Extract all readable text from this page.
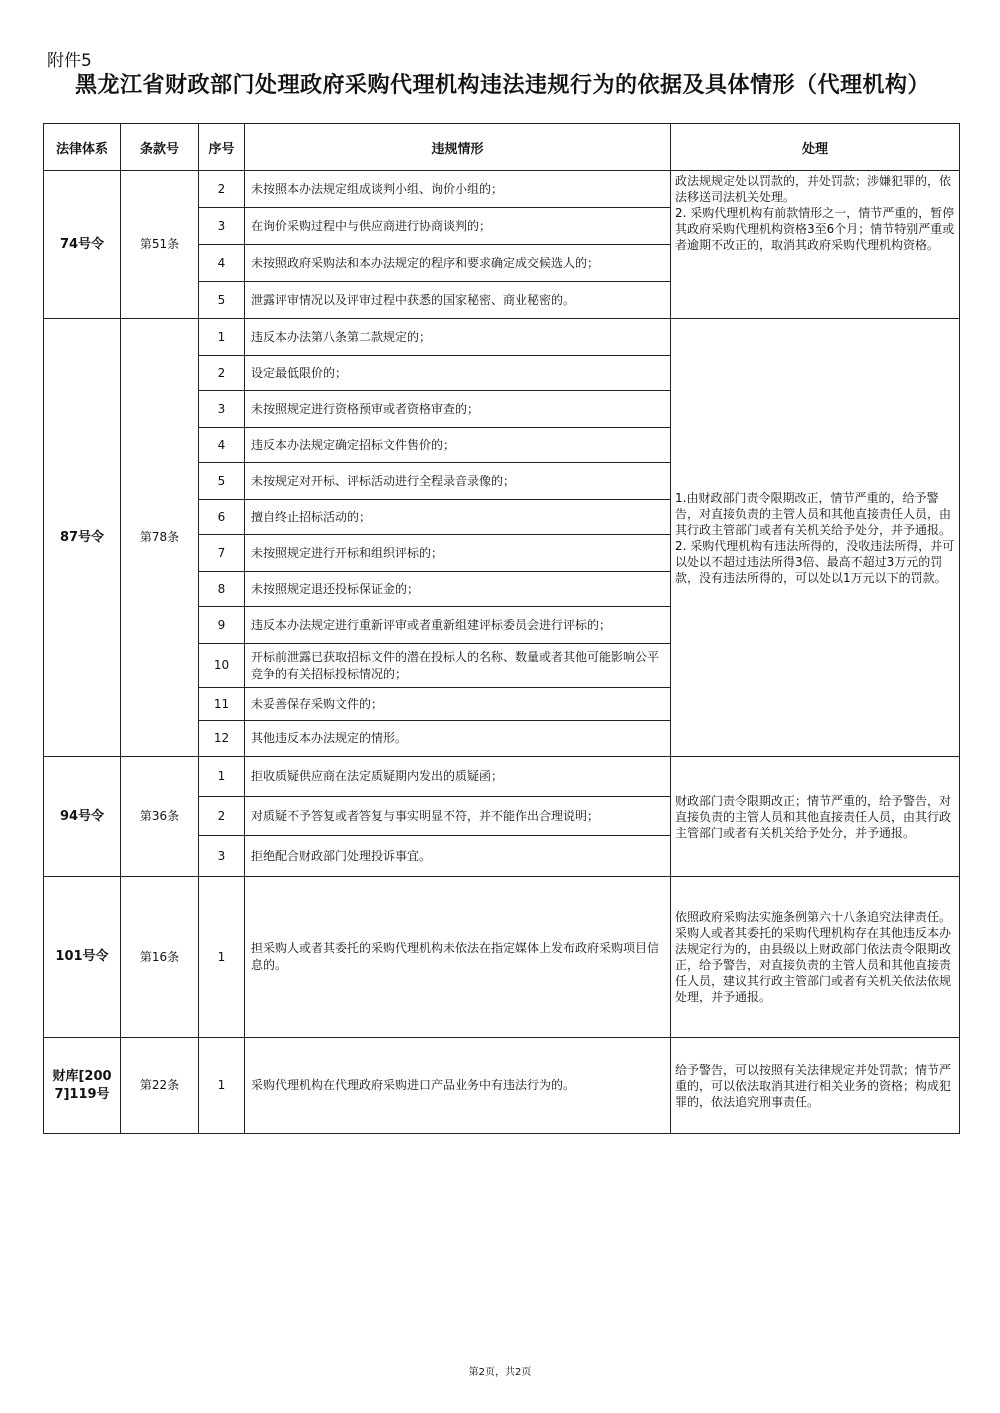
附件5
黑龙江省财政部门处理政府采购代理机构违法违规行为的依据及具体情形（代理机构）
法律体系	条款号	序号	违规情形	处理
74号令	第51条	2	未按照本办法规定组成谈判小组、询价小组的；	政法规规定处以罚款的，并处罚款；涉嫌犯罪的，依法移送司法机关处理。
2. 采购代理机构有前款情形之一，情节严重的，暂停其政府采购代理机构资格3至6个月；情节特别严重或者逾期不改正的，取消其政府采购代理机构资格。

		3	在询价采购过程中与供应商进行协商谈判的；	
		4	未按照政府采购法和本办法规定的程序和要求确定成交候选人的；	
		5	泄露评审情况以及评审过程中获悉的国家秘密、商业秘密的。	
87号令	第78条	1	违反本办法第八条第二款规定的；	1.由财政部门责令限期改正，情节严重的，给予警告，对直接负责的主管人员和其他直接责任人员，由其行政主管部门或者有关机关给予处分，并予通报。
2. 采购代理机构有违法所得的，没收违法所得，并可以处以不超过违法所得3倍、最高不超过3万元的罚款，没有违法所得的，可以处以1万元以下的罚款。

		2	设定最低限价的；	
		3	未按照规定进行资格预审或者资格审查的；	
		4	违反本办法规定确定招标文件售价的；	
		5	未按规定对开标、评标活动进行全程录音录像的；	
		6	擅自终止招标活动的；	
		7	未按照规定进行开标和组织评标的；	
		8	未按照规定退还投标保证金的；	
		9	违反本办法规定进行重新评审或者重新组建评标委员会进行评标的；	
		10	开标前泄露已获取招标文件的潜在投标人的名称、数量或者其他可能影响公平竞争的有关招标投标情况的；	
		11	未妥善保存采购文件的；	
		12	其他违反本办法规定的情形。	
94号令	第36条	1	拒收质疑供应商在法定质疑期内发出的质疑函；	财政部门责令限期改正；情节严重的，给予警告，对直接负责的主管人员和其他直接责任人员，由其行政主管部门或者有关机关给予处分，并予通报。

		2	对质疑不予答复或者答复与事实明显不符，并不能作出合理说明；	
		3	拒绝配合财政部门处理投诉事宜。	
101号令	第16条	1	担采购人或者其委托的采购代理机构未依法在指定媒体上发布政府采购项目信息的。	依照政府采购法实施条例第六十八条追究法律责任。
采购人或者其委托的采购代理机构存在其他违反本办法规定行为的，由县级以上财政部门依法责令限期改正，给予警告，对直接负责的主管人员和其他直接责任人员，建议其行政主管部门或者有关机关依法依规处理，并予通报。

财库[2007]119号	第22条	1	采购代理机构在代理政府采购进口产品业务中有违法行为的。	给予警告，可以按照有关法律规定并处罚款；情节严重的，可以依法取消其进行相关业务的资格；构成犯罪的，依法追究刑事责任。
第2页，共2页
